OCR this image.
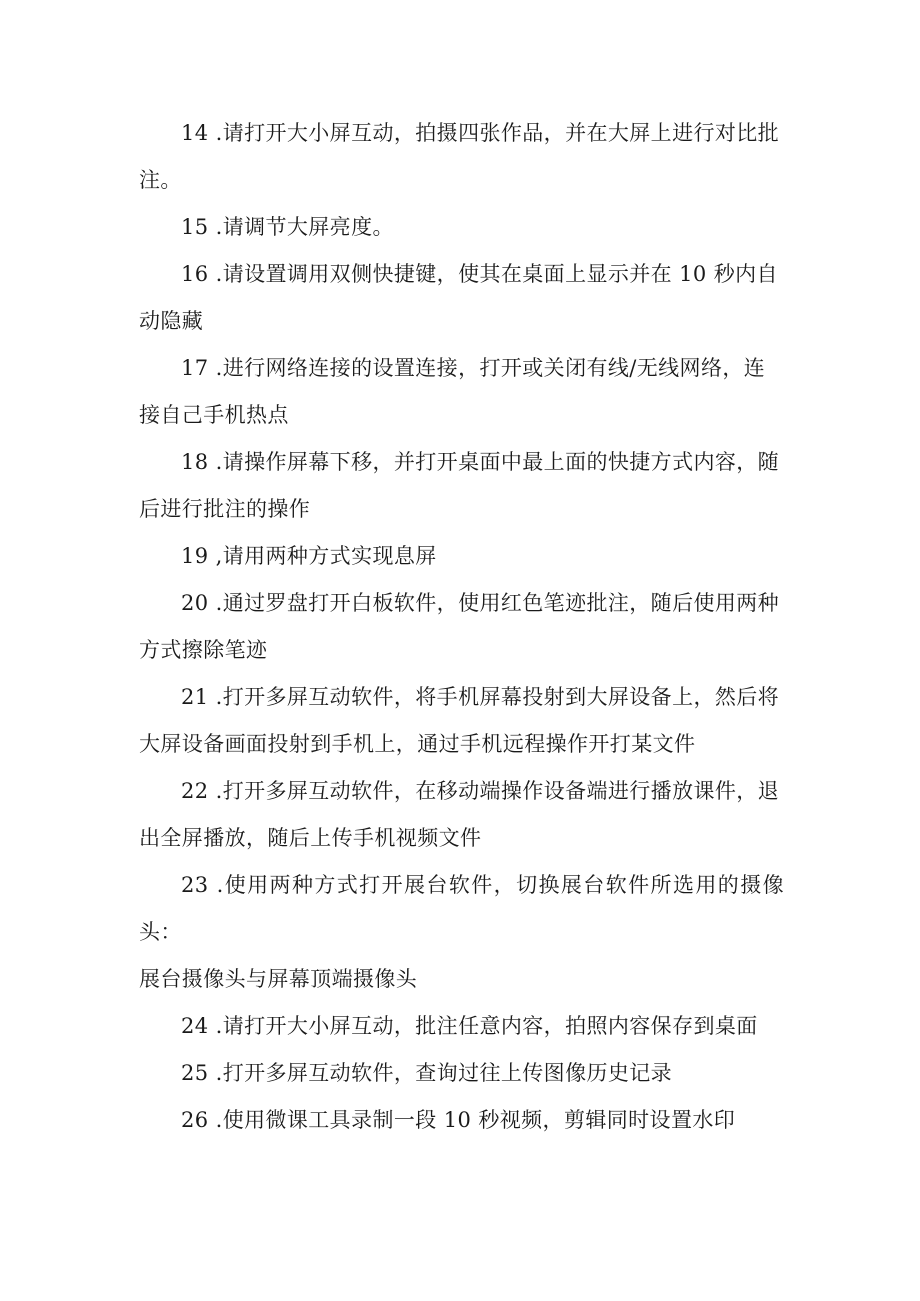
14 .请打开大小屏互动，拍摄四张作品，并在大屏上进行对比批
注。

15 .请调节大屏亮度。

16 .请设置调用双侧快捷键，使其在桌面上显示并在 10 秒内自
动隐藏

17 .进行网络连接的设置连接，打开或关闭有线/无线网络，连
接自己手机热点

18 .请操作屏幕下移，并打开桌面中最上面的快捷方式内容，随
后进行批注的操作

19 ,请用两种方式实现息屏

20 .通过罗盘打开白板软件，使用红色笔迹批注，随后使用两种
方式擦除笔迹

21 .打开多屏互动软件，将手机屏幕投射到大屏设备上，然后将
大屏设备画面投射到手机上，通过手机远程操作开打某文件

22 .打开多屏互动软件，在移动端操作设备端进行播放课件，退
出全屏播放，随后上传手机视频文件

23 .使用两种方式打开展台软件，切换展台软件所选用的摄像头：
展台摄像头与屏幕顶端摄像头

24 .请打开大小屏互动，批注任意内容，拍照内容保存到桌面

25 .打开多屏互动软件，查询过往上传图像历史记录

26 .使用微课工具录制一段 10 秒视频，剪辑同时设置水印
